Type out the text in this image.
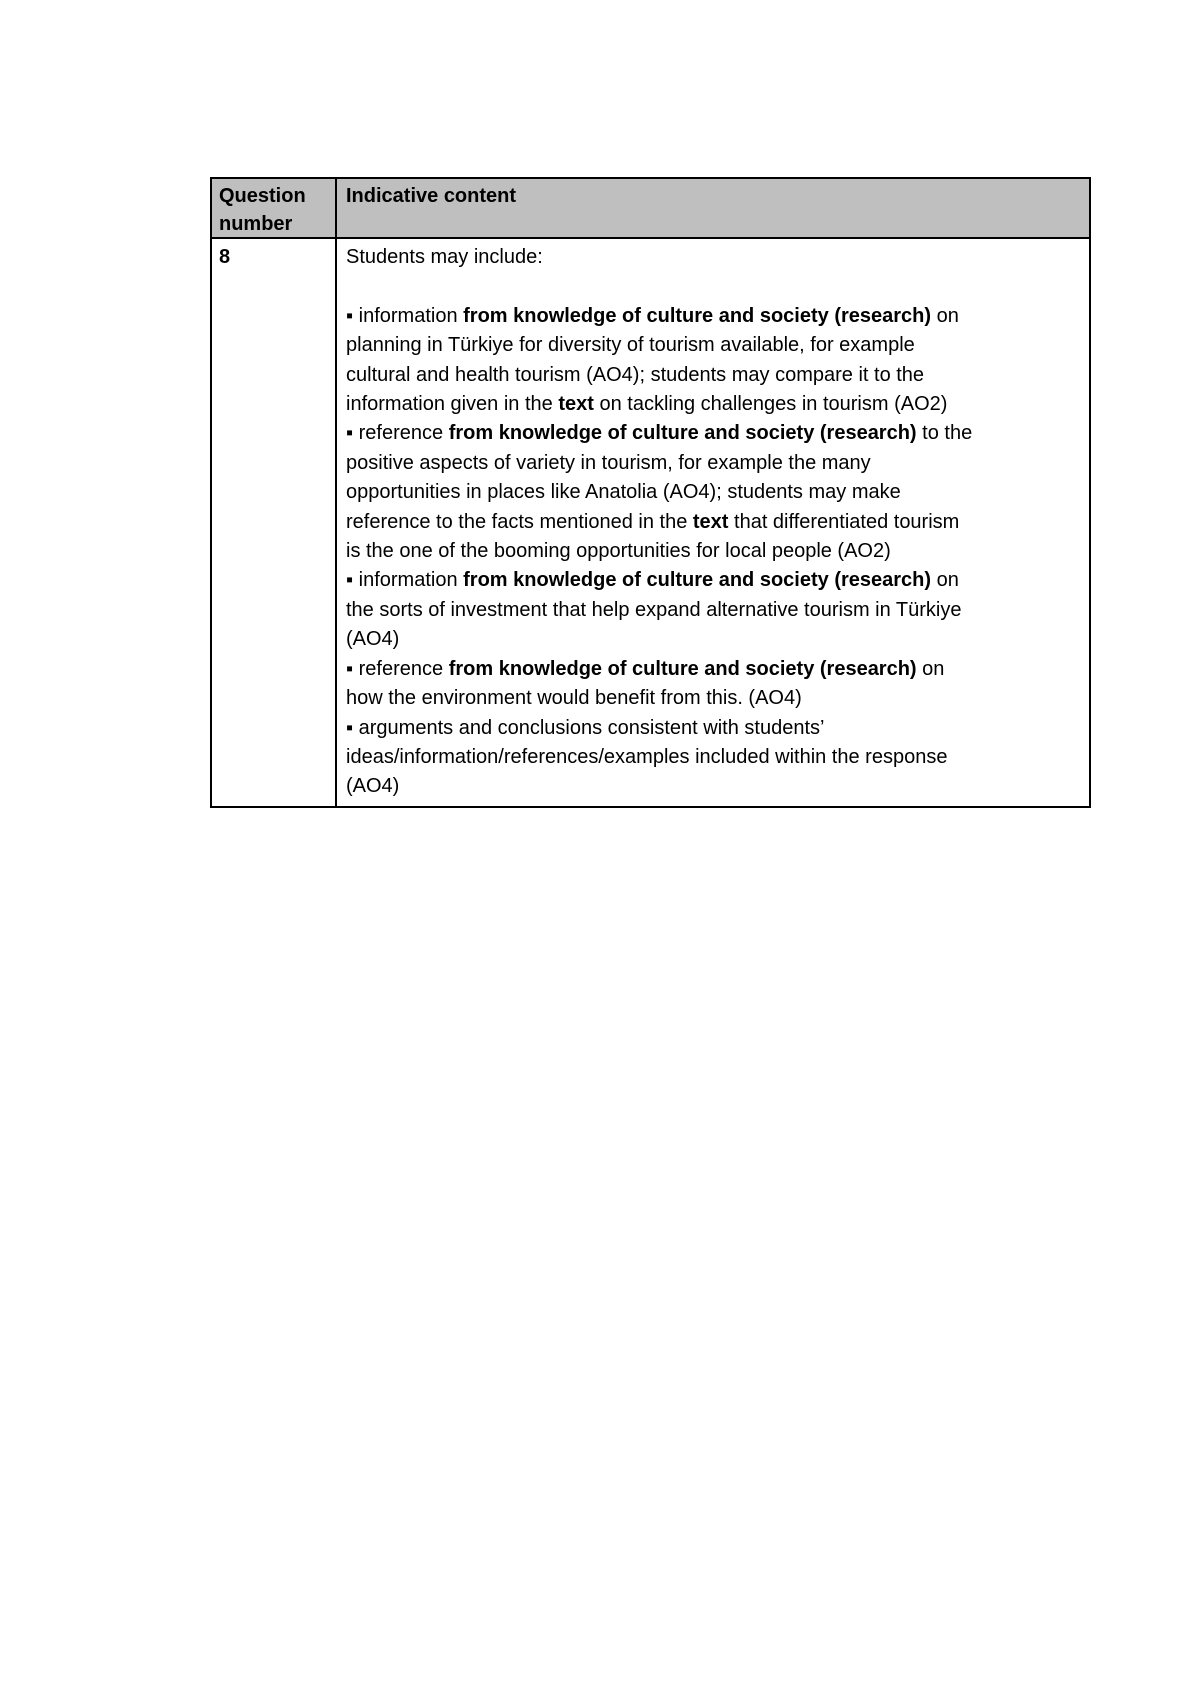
Question number
Indicative content
8	Students may include:

▪ information from knowledge of culture and society (research) on
planning in Türkiye for diversity of tourism available, for example
cultural and health tourism (AO4); students may compare it to the
information given in the text on tackling challenges in tourism (AO2)
▪ reference from knowledge of culture and society (research) to the
positive aspects of variety in tourism, for example the many
opportunities in places like Anatolia (AO4); students may make
reference to the facts mentioned in the text that differentiated tourism
is the one of the booming opportunities for local people (AO2)
▪ information from knowledge of culture and society (research) on
the sorts of investment that help expand alternative tourism in Türkiye
(AO4)
▪ reference from knowledge of culture and society (research) on
how the environment would benefit from this. (AO4)
▪ arguments and conclusions consistent with students’
ideas/information/references/examples included within the response
(AO4)
